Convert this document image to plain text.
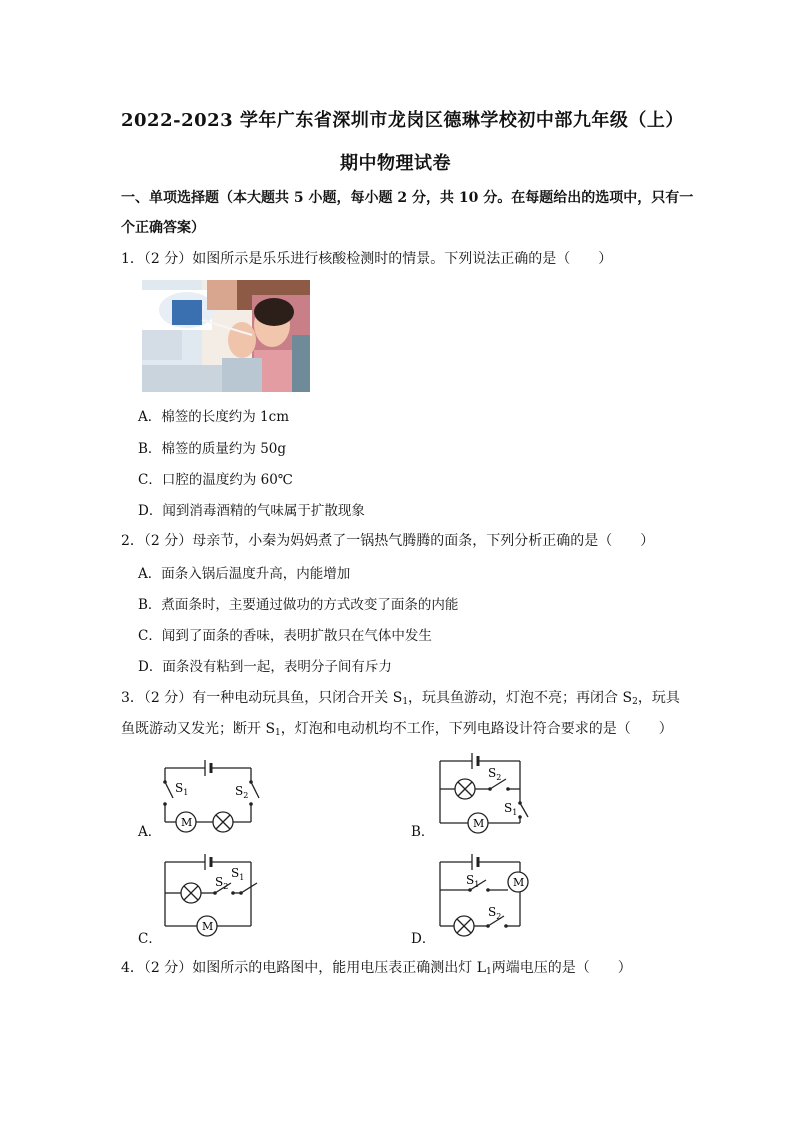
2022-2023 学年广东省深圳市龙岗区德琳学校初中部九年级（上）
期中物理试卷
一、单项选择题（本大题共 5 小题，每小题 2 分，共 10 分。在每题给出的选项中，只有一
个正确答案）
1．（2 分）如图所示是乐乐进行核酸检测时的情景。下列说法正确的是（　　）
A．棉签的长度约为 1cm
B．棉签的质量约为 50g
C．口腔的温度约为 60℃
D．闻到消毒酒精的气味属于扩散现象
2．（2 分）母亲节，小秦为妈妈煮了一锅热气腾腾的面条，下列分析正确的是（　　）
A．面条入锅后温度升高，内能增加
B．煮面条时，主要通过做功的方式改变了面条的内能
C．闻到了面条的香味，表明扩散只在气体中发生
D．面条没有粘到一起，表明分子间有斥力
3．（2 分）有一种电动玩具鱼，只闭合开关 $S_1$，玩具鱼游动，灯泡不亮；再闭合 $S_2$，玩具
鱼既游动又发光；断开 $S_1$，灯泡和电动机均不工作，下列电路设计符合要求的是（　　）
A．
$S_1$	$S_2$
M
B．
$S_2$
$S_1$
M
C．
$S_2$
$S_1$
M
D．
$S_1$
$S_2$
M
4．（2 分）如图所示的电路图中，能用电压表正确测出灯 $L_1$两端电压的是（　　）
